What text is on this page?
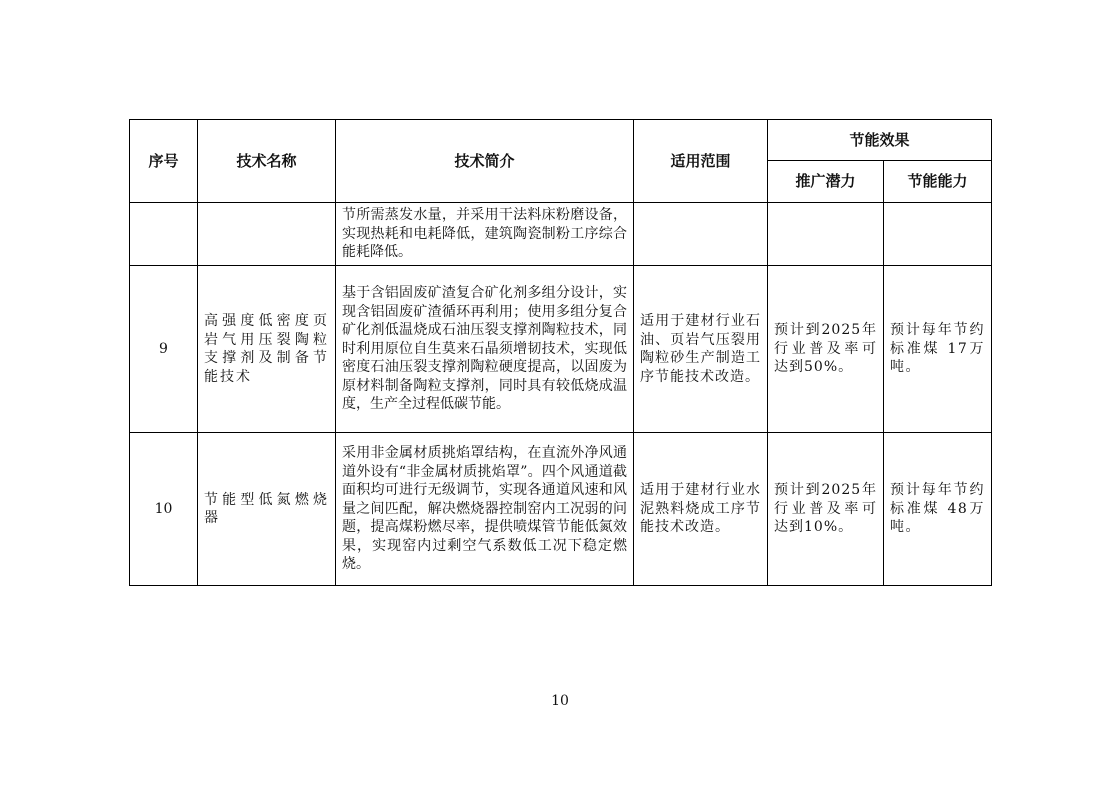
序号	技术名称	技术简介	适用范围	节能效果	
				推广潜力	节能能力

		节所需蒸发水量，并采用干法料床粉磨设备，实现热耗和电耗降低，建筑陶瓷制粉工序综合能耗降低。			

9	高强度低密度页岩气用压裂陶粒支撑剂及制备节能技术	基于含铝固废矿渣复合矿化剂多组分设计，实现含铝固废矿渣循环再利用；使用多组分复合矿化剂低温烧成石油压裂支撑剂陶粒技术，同时利用原位自生莫来石晶须增韧技术，实现低密度石油压裂支撑剂陶粒硬度提高，以固废为原材料制备陶粒支撑剂，同时具有较低烧成温度，生产全过程低碳节能。	适用于建材行业石油、页岩气压裂用陶粒砂生产制造工序节能技术改造。	预计到2025年行业普及率可达到50%。	预计每年节约标准煤 17万吨。

10	节能型低氮燃烧器	采用非金属材质挑焰罩结构，在直流外净风通道外设有“非金属材质挑焰罩”。四个风通道截面积均可进行无级调节，实现各通道风速和风量之间匹配，解决燃烧器控制窑内工况弱的问题，提高煤粉燃尽率，提供喷煤管节能低氮效果，实现窑内过剩空气系数低工况下稳定燃烧。	适用于建材行业水泥熟料烧成工序节能技术改造。	预计到2025年行业普及率可达到10%。	预计每年节约标准煤 48万吨。
10
